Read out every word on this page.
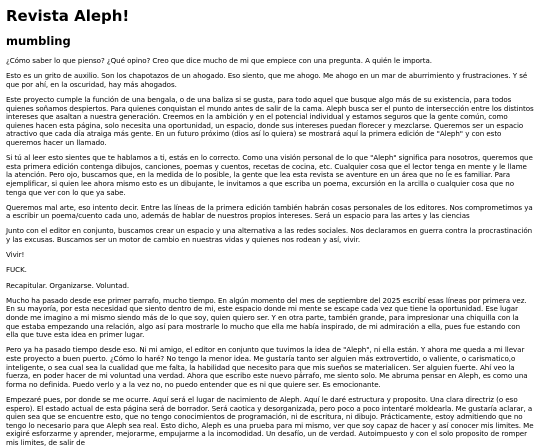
Revista Aleph!
mumbling

¿Cómo saber lo que pienso? ¿Qué opino? Creo que dice mucho de mi que empiece con una pregunta. A quién le importa.

Esto es un grito de auxilio. Son los chapotazos de un ahogado. Eso siento, que me ahogo. Me ahogo en un mar de aburrimiento y frustraciones. Y sé que por ahí, en la oscuridad, hay más ahogados.

Este proyecto cumple la función de una bengala, o de una baliza si se gusta, para todo aquel que busque algo más de su existencia, para todos quienes soñamos despiertos. Para quienes conquistan el mundo antes de salir de la cama. Aleph busca ser el punto de intersección entre los distintos intereses que asaltan a nuestra generación. Creemos en la ambición y en el potencial individual y estamos seguros que la gente común, como quienes hacen esta página, solo necesita una oportunidad, un espacio, donde sus intereses puedan florecer y mezclarse. Queremos ser un espacio atractivo que cada día atraiga más gente. En un futuro próximo (dios así lo quiera) se mostrará aquí la primera edición de "Aleph" y con esto queremos hacer un llamado.

Si tú al leer esto sientes que te hablamos a ti, estás en lo correcto. Como una visión personal de lo que "Aleph" significa para nosotros, queremos que esta primera edición contenga dibujos, canciones, poemas y cuentos, recetas de cocina, etc. Cualquier cosa que el lector tenga en mente y le llame la atención. Pero ojo, buscamos que, en la medida de lo posible, la gente que lea esta revista se aventure en un área que no le es familiar. Para ejemplificar, si quien lee ahora mismo esto es un dibujante, le invitamos a que escriba un poema, excursión en la arcilla o cualquier cosa que no tenga que ver con lo que ya sabe.

Queremos mal arte, eso intento decir. Entre las líneas de la primera edición también habrán cosas personales de los editores. Nos comprometimos ya a escribir un poema/cuento cada uno, además de hablar de nuestros propios intereses. Será un espacio para las artes y las ciencias

Junto con el editor en conjunto, buscamos crear un espacio y una alternativa a las redes sociales. Nos declaramos en guerra contra la procrastinación y las excusas. Buscamos ser un motor de cambio en nuestras vidas y quienes nos rodean y así, vivir.

Vivir!

FUCK.

Recapitular. Organizarse. Voluntad.

Mucho ha pasado desde ese primer parrafo, mucho tiempo. En algún momento del mes de septiembre del 2025 escribí esas líneas por primera vez. En su mayoría, por esta necesidad que siento dentro de mi, este espacio donde mi mente se escape cada vez que tiene la oportunidad. Ese lugar donde me imagino a mi mismo siendo más de lo que soy, quien quiero ser. Y en otra parte, también grande, para impresionar una chiquilla con la que estaba empezando una relación, algo así para mostrarle lo mucho que ella me había inspirado, de mi admiración a ella, pues fue estando con ella que tuve esta idea en primer lugar.

Pero ya ha pasado tiempo desde eso. Ni mi amigo, el editor en conjunto que tuvimos la idea de "Aleph", ni ella están. Y ahora me queda a mi llevar este proyecto a buen puerto. ¿Cómo lo haré? No tengo la menor idea. Me gustaría tanto ser alguien más extrovertido, o valiente, o carismatico,o inteligente, o sea cual sea la cualidad que me falta, la habilidad que necesito para que mis sueños se materialicen. Ser alguien fuerte. Ahí veo la fuerza, en poder hacer de mi voluntad una verdad. Ahora que escribo este nuevo párrafo, me siento solo. Me abruma pensar en Aleph, es como una forma no definida. Puedo verlo y a la vez no, no puedo entender que es ni que quiere ser. Es emocionante.

Empezaré pues, por donde se me ocurre. Aquí será el lugar de nacimiento de Aleph. Aquí le daré estructura y proposito. Una clara directriz (o eso espero). El estado actual de esta página será de borrador. Será caotica y desorganizada, pero poco a poco intentaré moldearla. Me gustaría aclarar, a quien sea que se encuentre esto, que no tengo conocimientos de programación, ni de escritura, ni dibujo. Prácticamente, estoy admitiendo que no tengo lo necesario para que Aleph sea real. Esto dicho, Aleph es una prueba para mi mismo, ver que soy capaz de hacer y así conocer mis limites. Me exigiré esforzarme y aprender, mejorarme, empujarme a la incomodidad. Un desafío, un de verdad. Autoimpuesto y con el solo proposito de romper mis limites, de salir de
